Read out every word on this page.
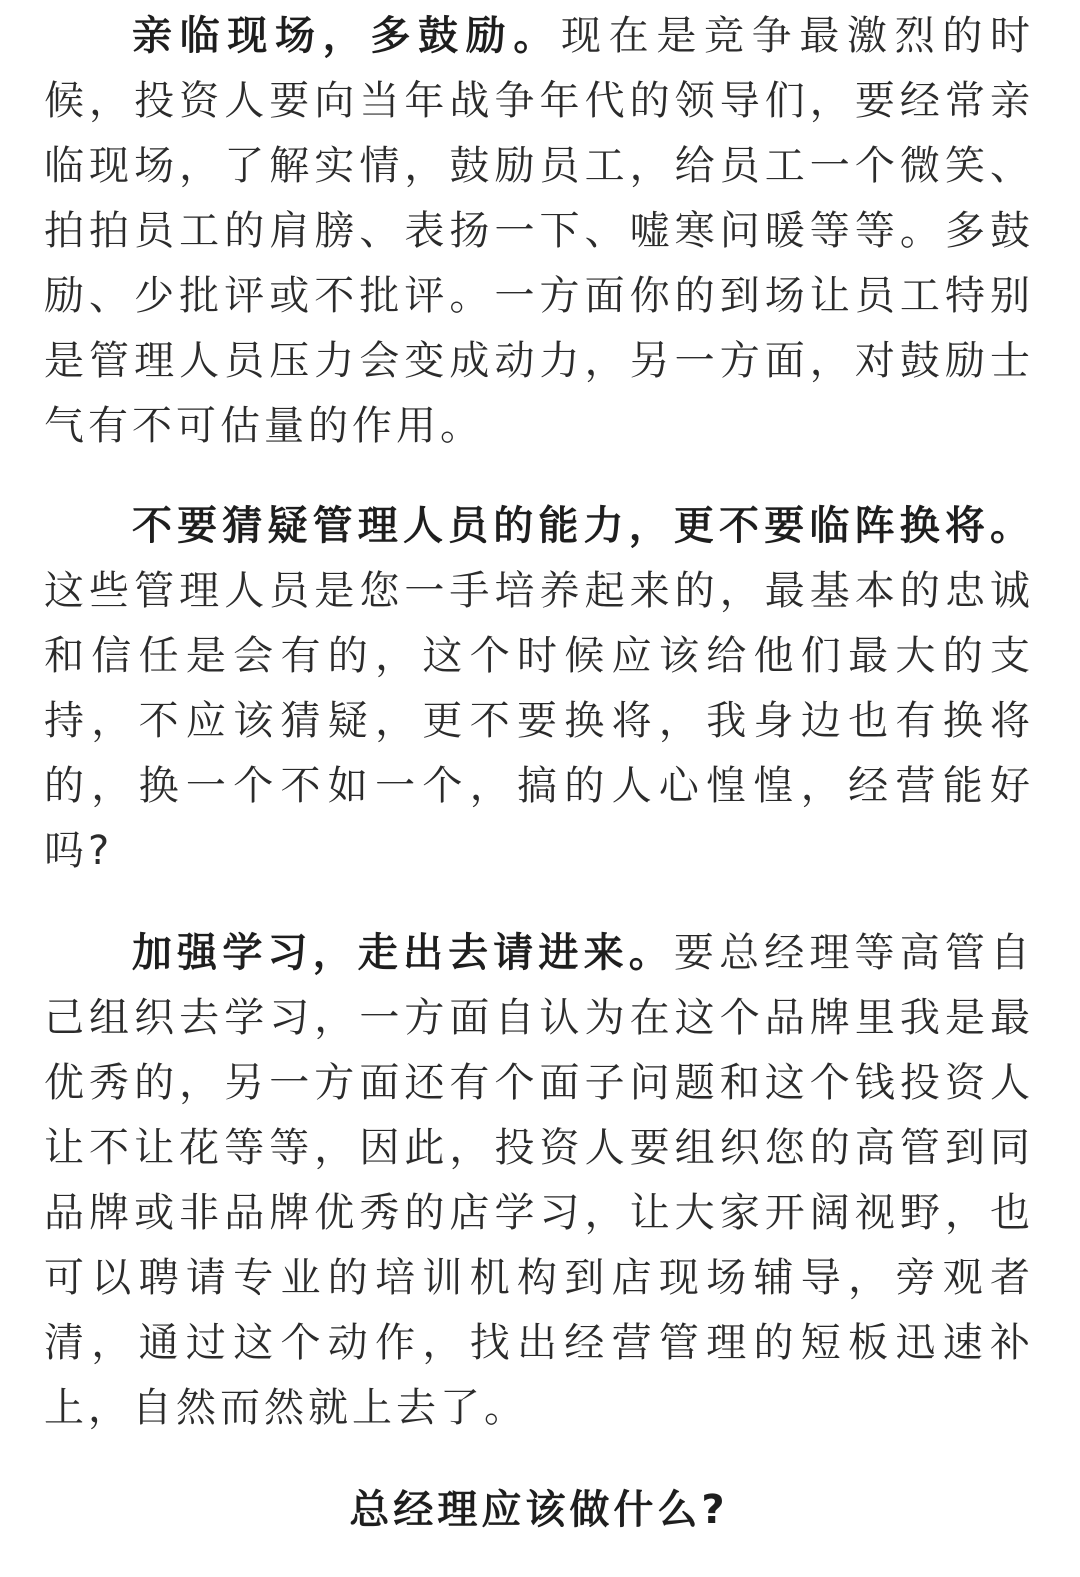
亲临现场，多鼓励。现在是竞争最激烈的时候，投资人要向当年战争年代的领导们，要经常亲临现场，了解实情，鼓励员工，给员工一个微笑、拍拍员工的肩膀、表扬一下、嘘寒问暖等等。多鼓励、少批评或不批评。一方面你的到场让员工特别是管理人员压力会变成动力，另一方面，对鼓励士气有不可估量的作用。

不要猜疑管理人员的能力，更不要临阵换将。这些管理人员是您一手培养起来的，最基本的忠诚和信任是会有的，这个时候应该给他们最大的支持，不应该猜疑，更不要换将，我身边也有换将的，换一个不如一个，搞的人心惶惶，经营能好吗?

加强学习，走出去请进来。要总经理等高管自己组织去学习，一方面自认为在这个品牌里我是最优秀的，另一方面还有个面子问题和这个钱投资人让不让花等等，因此，投资人要组织您的高管到同品牌或非品牌优秀的店学习，让大家开阔视野，也可以聘请专业的培训机构到店现场辅导，旁观者清，通过这个动作，找出经营管理的短板迅速补上，自然而然就上去了。

总经理应该做什么?
